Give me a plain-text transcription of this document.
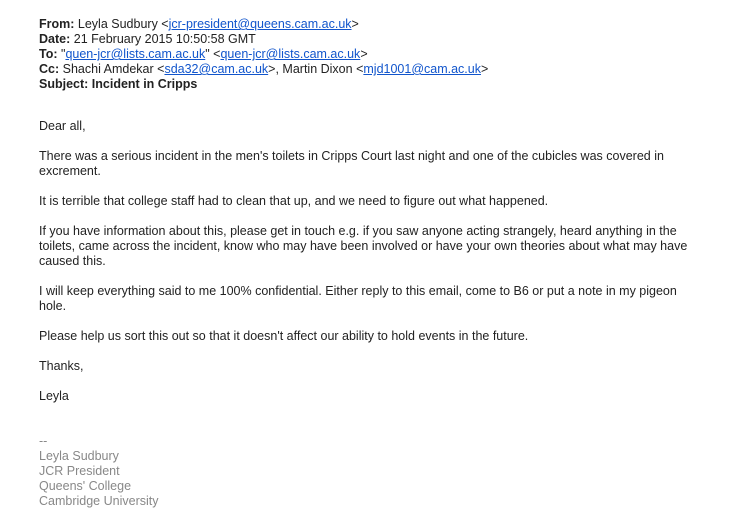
From: Leyla Sudbury <jcr-president@queens.cam.ac.uk>
Date: 21 February 2015 10:50:58 GMT
To: "quen-jcr@lists.cam.ac.uk" <quen-jcr@lists.cam.ac.uk>
Cc: Shachi Amdekar <sda32@cam.ac.uk>, Martin Dixon <mjd1001@cam.ac.uk>
Subject: Incident in Cripps

Dear all,

There was a serious incident in the men's toilets in Cripps Court last night and one of the cubicles was covered in excrement.

It is terrible that college staff had to clean that up, and we need to figure out what happened.

If you have information about this, please get in touch e.g. if you saw anyone acting strangely, heard anything in the toilets, came across the incident, know who may have been involved or have your own theories about what may have caused this.

I will keep everything said to me 100% confidential. Either reply to this email, come to B6 or put a note in my pigeon hole.

Please help us sort this out so that it doesn't affect our ability to hold events in the future.

Thanks,

Leyla

--
Leyla Sudbury
JCR President
Queens' College
Cambridge University
